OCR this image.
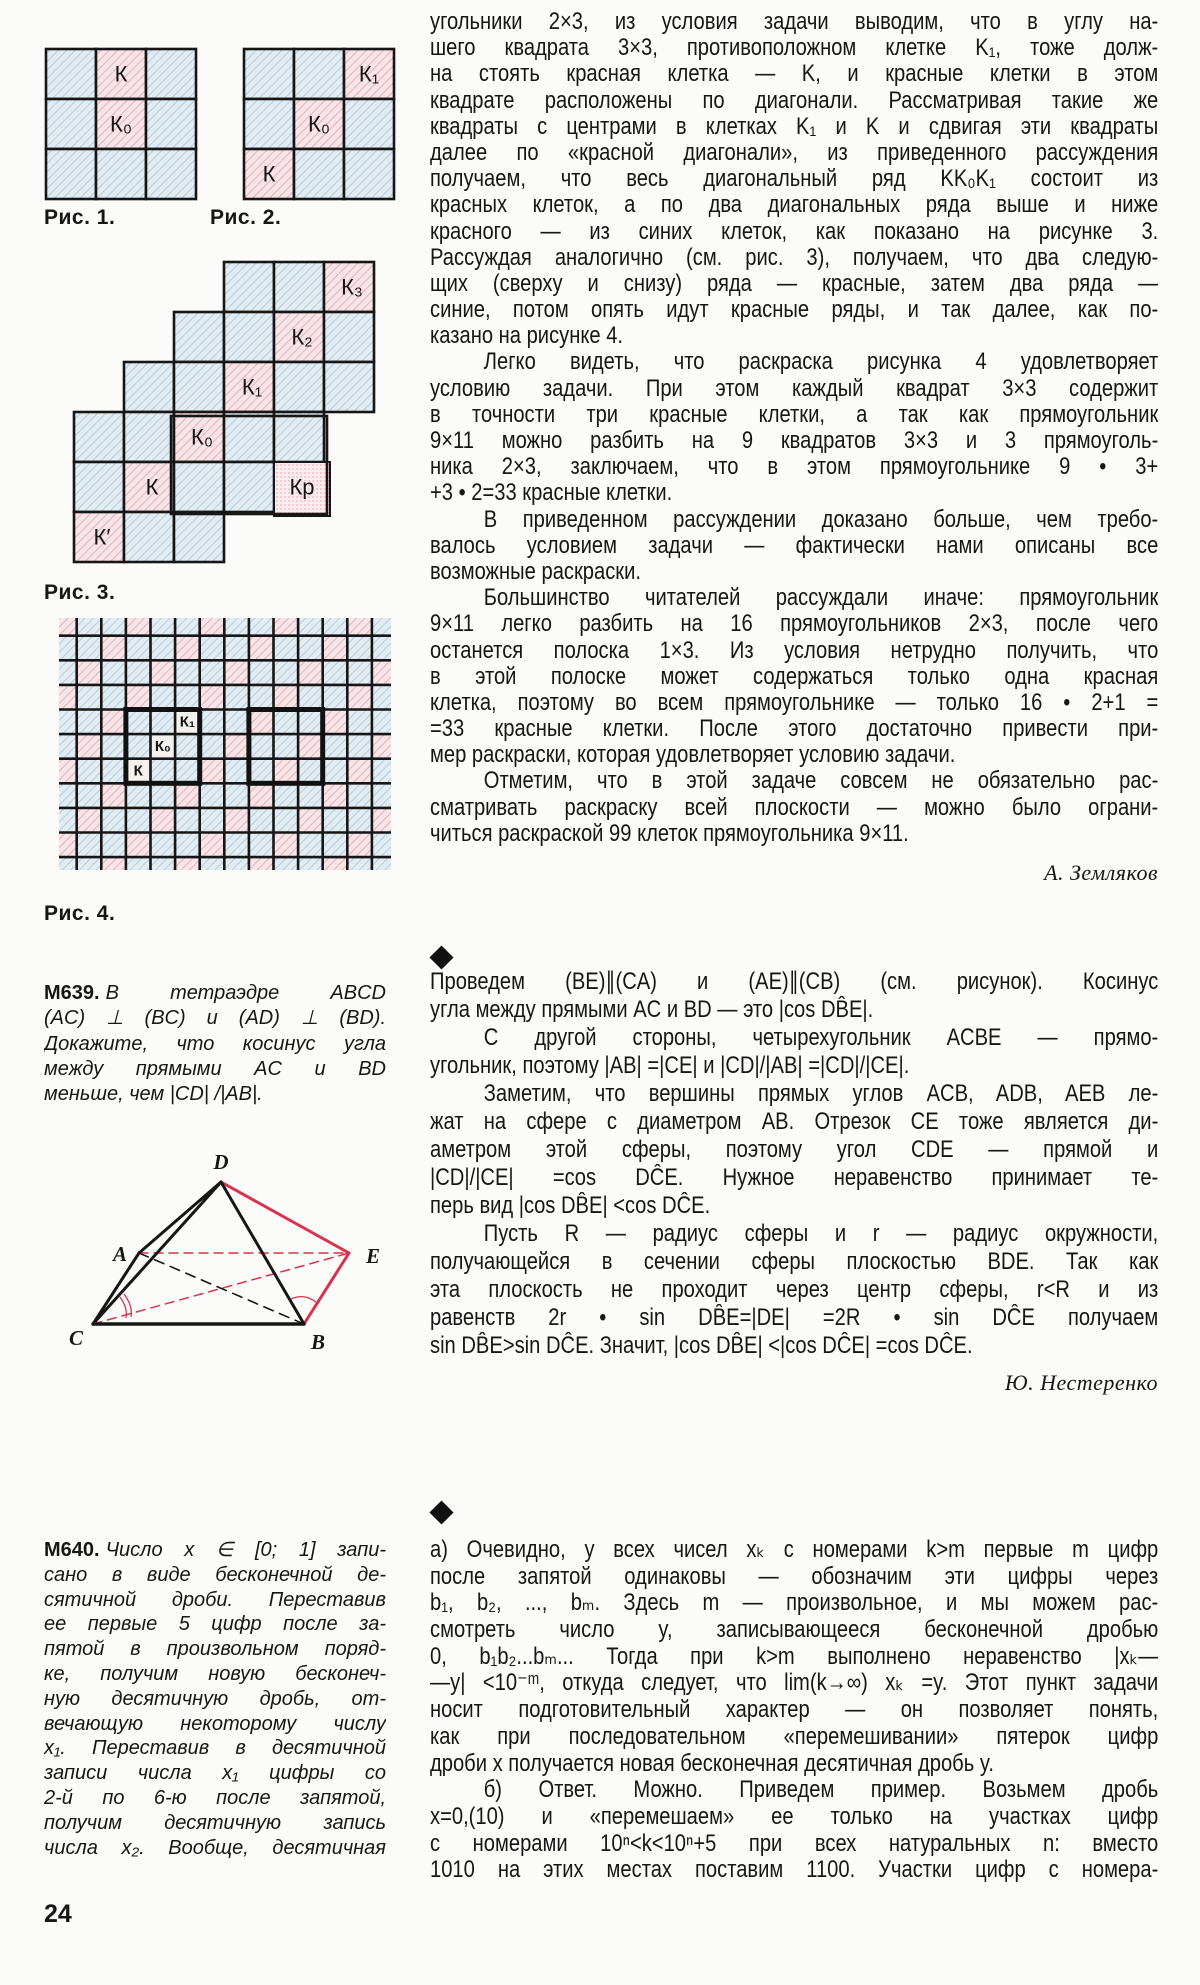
К
К₀
Рис. 1.
К₁
К₀
К
Рис. 2.
К₃
К₂
К₁
К₀
К	Кр
К′
Рис. 3.
К₁
К₀
К
Рис. 4.
M639. В тетраэдре ABCD
(AC) ⊥ (BC) и (AD) ⊥ (BD).
Докажите, что косинус угла
между прямыми AC и BD
меньше, чем |CD| /|AB|.
D
A	E
C	B
M640. Число x ∈ [0; 1] запи-
сано в виде бесконечной де-
сятичной дроби. Переставив
ее первые 5 цифр после за-
пятой в произвольном поряд-
ке, получим новую бесконеч-
ную десятичную дробь, от-
вечающую некоторому числу
x₁. Переставив в десятичной
записи числа x₁ цифры со
2-й по 6-ю после запятой,
получим десятичную запись
числа x₂. Вообще, десятичная
угольники 2×3, из условия задачи выводим, что в углу на-
шего квадрата 3×3, противоположном клетке K₁, тоже долж-
на стоять красная клетка — K, и красные клетки в этом
квадрате расположены по диагонали. Рассматривая такие же
квадраты с центрами в клетках K₁ и K и сдвигая эти квадраты
далее по «красной диагонали», из приведенного рассуждения
получаем, что весь диагональный ряд KK₀K₁ состоит из
красных клеток, а по два диагональных ряда выше и ниже
красного — из синих клеток, как показано на рисунке 3.
Рассуждая аналогично (см. рис. 3), получаем, что два следую-
щих (сверху и снизу) ряда — красные, затем два ряда —
синие, потом опять идут красные ряды, и так далее, как по-
казано на рисунке 4.
Легко видеть, что раскраска рисунка 4 удовлетворяет
условию задачи. При этом каждый квадрат 3×3 содержит
в точности три красные клетки, а так как прямоугольник
9×11 можно разбить на 9 квадратов 3×3 и 3 прямоуголь-
ника 2×3, заключаем, что в этом прямоугольнике 9 • 3+
+3 • 2=33 красные клетки.
В приведенном рассуждении доказано больше, чем требо-
валось условием задачи — фактически нами описаны все
возможные раскраски.
Большинство читателей рассуждали иначе: прямоугольник
9×11 легко разбить на 16 прямоугольников 2×3, после чего
останется полоска 1×3. Из условия нетрудно получить, что
в этой полоске может содержаться только одна красная
клетка, поэтому во всем прямоугольнике — только 16 • 2+1 =
=33 красные клетки. После этого достаточно привести при-
мер раскраски, которая удовлетворяет условию задачи.
Отметим, что в этой задаче совсем не обязательно рас-
сматривать раскраску всей плоскости — можно было ограни-
читься раскраской 99 клеток прямоугольника 9×11.
А. Земляков
Проведем (BE)∥(CA) и (AE)∥(CB) (см. рисунок). Косинус
угла между прямыми AC и BD — это |cos DB̂E|.
С другой стороны, четырехугольник ACBE — прямо-
угольник, поэтому |AB| =|CE| и |CD|/|AB| =|CD|/|CE|.
Заметим, что вершины прямых углов ACB, ADB, AEB ле-
жат на сфере с диаметром AB. Отрезок CE тоже является ди-
аметром этой сферы, поэтому угол CDE — прямой и
|CD|/|CE| =cos DĈE. Нужное неравенство принимает те-
перь вид |cos DB̂E| <cos DĈE.
Пусть R — радиус сферы и r — радиус окружности,
получающейся в сечении сферы плоскостью BDE. Так как
эта плоскость не проходит через центр сферы, r<R и из
равенств 2r • sin DB̂E=|DE| =2R • sin DĈE получаем
sin DB̂E>sin DĈE. Значит, |cos DB̂E| <|cos DĈE| =cos DĈE.
Ю. Нестеренко
а) Очевидно, у всех чисел xₖ с номерами k>m первые m цифр
после запятой одинаковы — обозначим эти цифры через
b₁, b₂, ..., bₘ. Здесь m — произвольное, и мы можем рас-
смотреть число y, записывающееся бесконечной дробью
0, b₁b₂...bₘ... Тогда при k>m выполнено неравенство |xₖ—
—y| <10⁻ᵐ, откуда следует, что lim(k→∞) xₖ =y. Этот пункт задачи
носит подготовительный характер — он позволяет понять,
как при последовательном «перемешивании» пятерок цифр
дроби x получается новая бесконечная десятичная дробь y.
б) Ответ. Можно. Приведем пример. Возьмем дробь
x=0,(10) и «перемешаем» ее только на участках цифр
с номерами 10ⁿ<k<10ⁿ+5 при всех натуральных n: вместо
1010 на этих местах поставим 1100. Участки цифр с номера-
24
